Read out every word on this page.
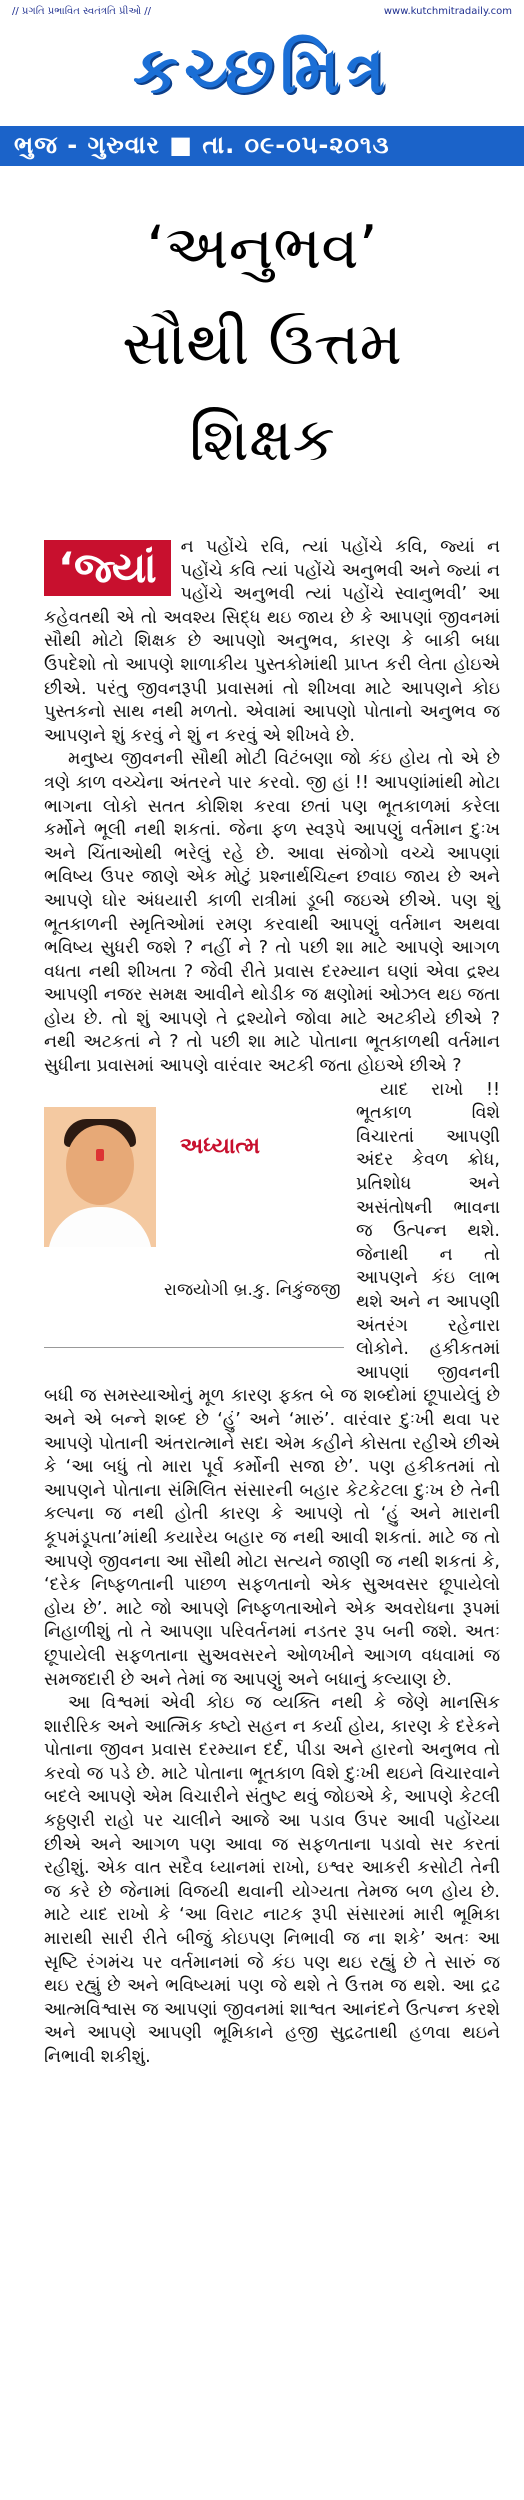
// પ્રગતિ પ્રભાવિત સ્વતંત્રતિ પ્રીઓ //	www.kutchmitradaily.com
કચ્છમિત્ર
ભુજ - ગુરુવાર ■ તા. ૦૯-૦૫-૨૦૧૩
‘અનુભવ’
સૌથી ઉત્તમ
શિક્ષક
‘જ્યાં	ન પહોંચે રવિ, ત્યાં પહોંચે કવિ, જ્યાં ન પહોંચે કવિ ત્યાં પહોંચે અનુભવી અને જ્યાં ન પહોંચે અનુભવી ત્યાં પહોંચે સ્વાનુભવી’ આ કહેવતથી એ તો અવશ્ય સિદ્ધ થઇ જાય છે કે આપણાં જીવનમાં સૌથી મોટો શિક્ષક છે આપણો અનુભવ, કારણ કે બાકી બધા ઉપદેશો તો આપણે શાળાકીય પુસ્તકોમાંથી પ્રાપ્ત કરી લેતા હોઇએ છીએ. પરંતુ જીવનરૂપી પ્રવાસમાં તો શીખવા માટે આપણને કોઇ પુસ્તકનો સાથ નથી મળતો. એવામાં આપણો પોતાનો અનુભવ જ આપણને શું કરવું ને શું ન કરવું એ શીખવે છે.

મનુષ્ય જીવનની સૌથી મોટી વિટંબણા જો કંઇ હોય તો એ છે ત્રણે કાળ વચ્ચેના અંતરને પાર કરવો. જી હાં !! આપણાંમાંથી મોટા ભાગના લોકો સતત કોશિશ કરવા છતાં પણ ભૂતકાળમાં કરેલા કર્મોને ભૂલી નથી શકતાં. જેના ફળ સ્વરૂપે આપણું વર્તમાન દુઃખ અને ચિંતાઓથી ભરેલું રહે છે. આવા સંજોગો વચ્ચે આપણાં ભવિષ્ય ઉપર જાણે એક મોટું પ્રશ્નાર્થચિહ્ન છવાઇ જાય છે અને આપણે ઘોર અંધયારી કાળી રાત્રીમાં ડૂબી જઇએ છીએ. પણ શું ભૂતકાળની સ્મૃતિઓમાં રમણ કરવાથી આપણું વર્તમાન અથવા ભવિષ્ય સુધરી જશે ? નહીં ને ? તો પછી શા માટે આપણે આગળ વધતા નથી શીખતા ? જેવી રીતે પ્રવાસ દરમ્યાન ઘણાં એવા દ્રશ્ય આપણી નજર સમક્ષ આવીને થોડીક જ ક્ષણોમાં ઓઝલ થઇ જતા હોય છે. તો શું આપણે તે દ્રશ્યોને જોવા માટે અટકીયે છીએ ? નથી અટકતાં ને ? તો પછી શા માટે પોતાના ભૂતકાળથી વર્તમાન સુધીના પ્રવાસમાં આપણે વારંવાર અટકી જતા હોઇએ છીએ ?

અધ્યાત્મ
રાજયોગી બ્ર.કુ. નિકુંજજી

યાદ રાખો !! ભૂતકાળ વિશે વિચારતાં આપણી અંદર કેવળ ક્રોધ, પ્રતિશોધ અને અસંતોષની ભાવના જ ઉત્પન્ન થશે. જેનાથી ન તો આપણને કંઇ લાભ થશે અને ન આપણી અંતરંગ રહેનારા લોકોને. હકીકતમાં આપણાં જીવનની બધી જ સમસ્યાઓનું મૂળ કારણ ફક્ત બે જ શબ્દોમાં છૂપાયેલું છે અને એ બન્ને શબ્દ છે ‘હું’ અને ‘મારું’. વારંવાર દુઃખી થવા પર આપણે પોતાની અંતરાત્માને સદા એમ કહીને કોસતા રહીએ છીએ કે ‘આ બધું તો મારા પૂર્વ કર્મોની સજા છે’. પણ હકીકતમાં તો આપણને પોતાના સંમિલિત સંસારની બહાર કેટકેટલા દુઃખ છે તેની કલ્પના જ નથી હોતી કારણ કે આપણે તો ‘હું અને મારાની કૂપમંડૂપતા’માંથી કયારેય બહાર જ નથી આવી શકતાં. માટે જ તો આપણે જીવનના આ સૌથી મોટા સત્યને જાણી જ નથી શકતાં કે, ‘દરેક નિષ્ફળતાની પાછળ સફળતાનો એક સુઅવસર છૂપાયેલો હોય છે’. માટે જો આપણે નિષ્ફળતાઓને એક અવરોધના રૂપમાં નિહાળીશું તો તે આપણા પરિવર્તનમાં નડતર રૂપ બની જશે. અતઃ છૂપાયેલી સફળતાના સુઅવસરને ઓળખીને આગળ વધવામાં જ સમજદારી છે અને તેમાં જ આપણું અને બધાનું કલ્યાણ છે.

આ વિશ્વમાં એવી કોઇ જ વ્યક્તિ નથી કે જેણે માનસિક શારીરિક અને આત્મિક કષ્ટો સહન ન કર્યા હોય, કારણ કે દરેકને પોતાના જીવન પ્રવાસ દરમ્યાન દર્દ, પીડા અને હારનો અનુભવ તો કરવો જ પડે છે. માટે પોતાના ભૂતકાળ વિશે દુઃખી થઇને વિચારવાને બદલે આપણે એમ વિચારીને સંતુષ્ટ થવું જોઇએ કે, આપણે કેટલી કઠ્ઠણરી રાહો પર ચાલીને આજે આ પડાવ ઉપર આવી પહોંચ્યા છીએ અને આગળ પણ આવા જ સફળતાના પડાવો સર કરતાં રહીશું. એક વાત સદૈવ ધ્યાનમાં રાખો, ઇશ્વર આકરી કસોટી તેની જ કરે છે જેનામાં વિજયી થવાની યોગ્યતા તેમજ બળ હોય છે. માટે યાદ રાખો કે ‘આ વિરાટ નાટક રૂપી સંસારમાં મારી ભૂમિકા મારાથી સારી રીતે બીજું કોઇપણ નિભાવી જ ના શકે’ અતઃ આ સૃષ્ટિ રંગમંચ પર વર્તમાનમાં જે કંઇ પણ થઇ રહ્યું છે તે સારું જ થઇ રહ્યું છે અને ભવિષ્યમાં પણ જે થશે તે ઉત્તમ જ થશે. આ દ્રઢ આત્મવિશ્વાસ જ આપણાં જીવનમાં શાશ્વત આનંદને ઉત્પન્ન કરશે અને આપણે આપણી ભૂમિકાને હજી સુદ્રઢતાથી હળવા થઇને નિભાવી શકીશું.
